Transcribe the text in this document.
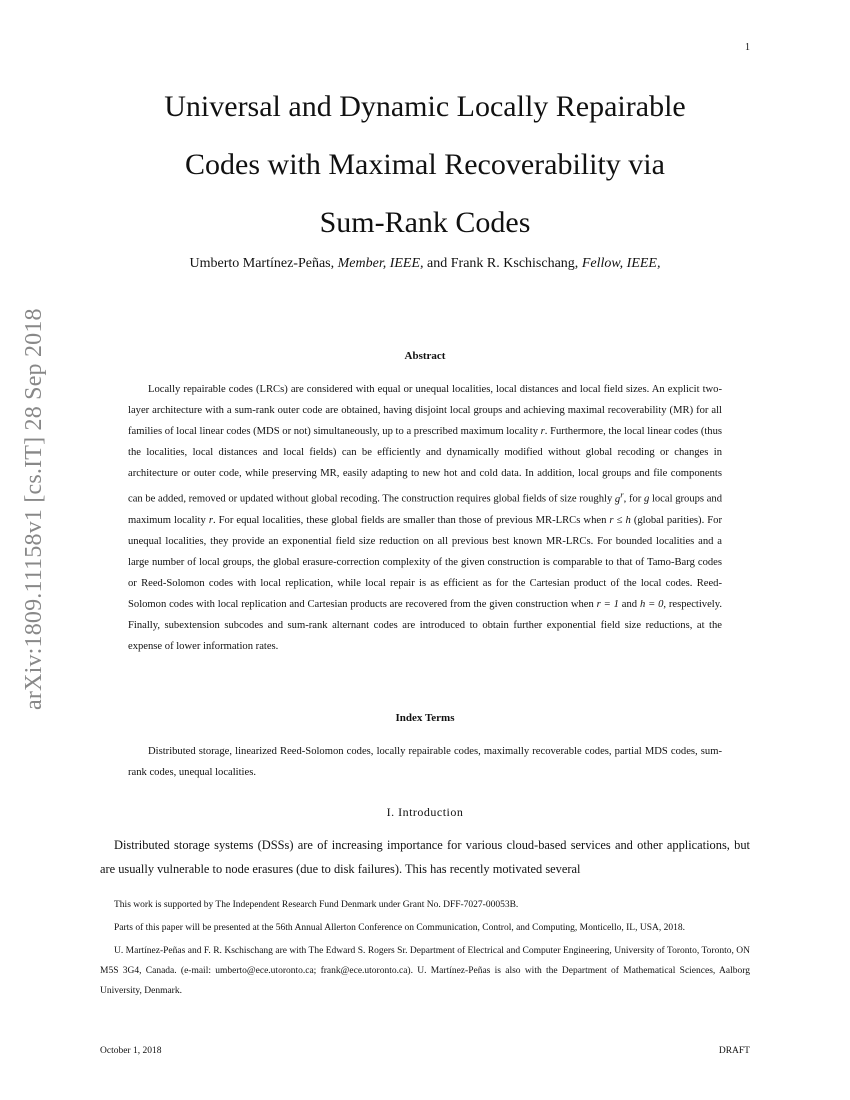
1
arXiv:1809.11158v1 [cs.IT] 28 Sep 2018
Universal and Dynamic Locally Repairable
Codes with Maximal Recoverability via
Sum-Rank Codes
Umberto Martínez-Peñas, Member, IEEE, and Frank R. Kschischang, Fellow, IEEE,
Abstract

Locally repairable codes (LRCs) are considered with equal or unequal localities, local distances and local field sizes. An explicit two-layer architecture with a sum-rank outer code are obtained, having disjoint local groups and achieving maximal recoverability (MR) for all families of local linear codes (MDS or not) simultaneously, up to a prescribed maximum locality r. Furthermore, the local linear codes (thus the localities, local distances and local fields) can be efficiently and dynamically modified without global recoding or changes in architecture or outer code, while preserving MR, easily adapting to new hot and cold data. In addition, local groups and file components can be added, removed or updated without global recoding. The construction requires global fields of size roughly $g^r$, for g local groups and maximum locality r. For equal localities, these global fields are smaller than those of previous MR-LRCs when r ≤ h (global parities). For unequal localities, they provide an exponential field size reduction on all previous best known MR-LRCs. For bounded localities and a large number of local groups, the global erasure-correction complexity of the given construction is comparable to that of Tamo-Barg codes or Reed-Solomon codes with local replication, while local repair is as efficient as for the Cartesian product of the local codes. Reed-Solomon codes with local replication and Cartesian products are recovered from the given construction when r = 1 and h = 0, respectively. Finally, subextension subcodes and sum-rank alternant codes are introduced to obtain further exponential field size reductions, at the expense of lower information rates.

Index Terms

Distributed storage, linearized Reed-Solomon codes, locally repairable codes, maximally recoverable codes, partial MDS codes, sum-rank codes, unequal localities.

I. Introduction

Distributed storage systems (DSSs) are of increasing importance for various cloud-based services and other applications, but are usually vulnerable to node erasures (due to disk failures). This has recently motivated several

This work is supported by The Independent Research Fund Denmark under Grant No. DFF-7027-00053B.

Parts of this paper will be presented at the 56th Annual Allerton Conference on Communication, Control, and Computing, Monticello, IL, USA, 2018.

U. Martínez-Peñas and F. R. Kschischang are with The Edward S. Rogers Sr. Department of Electrical and Computer Engineering, University of Toronto, Toronto, ON M5S 3G4, Canada. (e-mail: umberto@ece.utoronto.ca; frank@ece.utoronto.ca). U. Martínez-Peñas is also with the Department of Mathematical Sciences, Aalborg University, Denmark.

October 1, 2018	DRAFT
